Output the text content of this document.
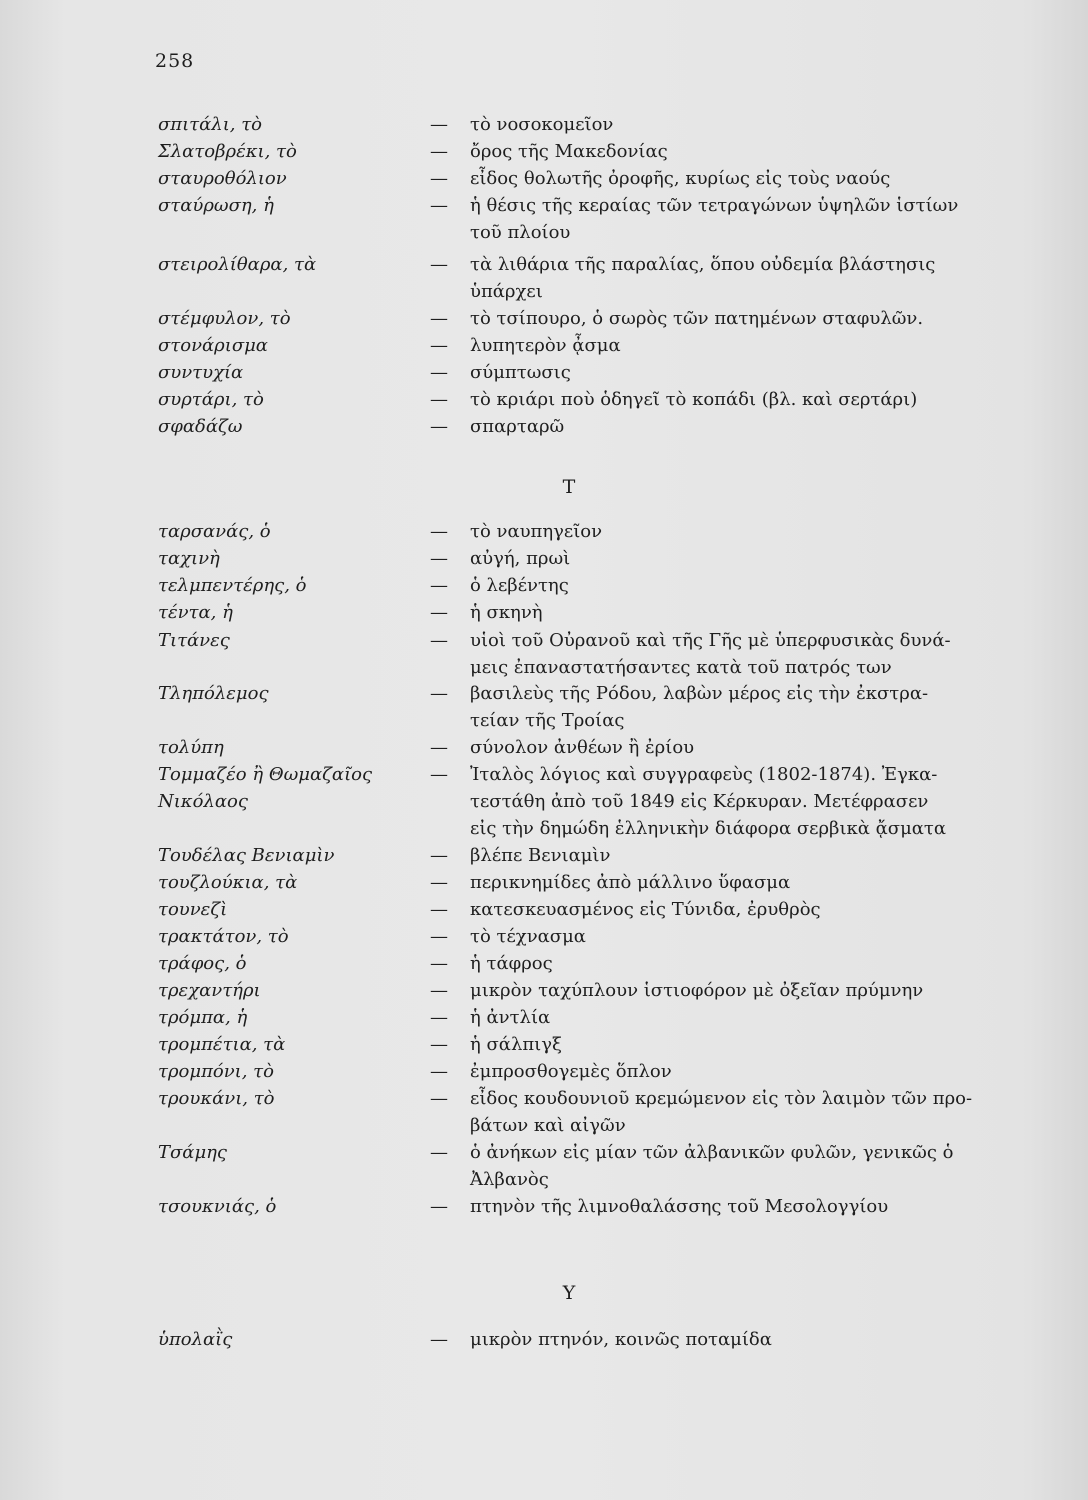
258
σπιτάλι, τὸ	— τὸ νοσοκομεῖον
Σλατοβρέκι, τὸ	— ὄρος τῆς Μακεδονίας
σταυροθόλιον	— εἶδος θολωτῆς ὀροφῆς, κυρίως εἰς τοὺς ναούς
σταύρωση, ἡ	— ἡ θέσις τῆς κεραίας τῶν τετραγώνων ὑψηλῶν ἱστίων
τοῦ πλοίου
στειρολίθαρα, τὰ	— τὰ λιθάρια τῆς παραλίας, ὅπου οὐδεμία βλάστησις
ὑπάρχει
στέμφυλον, τὸ	— τὸ τσίπουρο, ὁ σωρὸς τῶν πατημένων σταφυλῶν.
στονάρισμα	— λυπητερὸν ᾆσμα
συντυχία	— σύμπτωσις
συρτάρι, τὸ	— τὸ κριάρι ποὺ ὁδηγεῖ τὸ κοπάδι (βλ. καὶ σερτάρι)
σφαδάζω	— σπαρταρῶ
ταρσανάς, ὁ	— τὸ ναυπηγεῖον
ταχινὴ	— αὐγή, πρωὶ
τελμπεντέρης, ὁ	— ὁ λεβέντης
τέντα, ἡ	— ἡ σκηνὴ
Τιτάνες	— υἱοὶ τοῦ Οὐρανοῦ καὶ τῆς Γῆς μὲ ὑπερφυσικὰς δυνά-
μεις ἐπαναστατήσαντες κατὰ τοῦ πατρός των
Τληπόλεμος	— βασιλεὺς τῆς Ρόδου, λαβὼν μέρος εἰς τὴν ἐκστρα-
τείαν τῆς Τροίας
τολύπη	— σύνολον ἀνθέων ἢ ἐρίου
Τομμαζέο ἢ Θωμαζαῖος
Νικόλαος
— Ἰταλὸς λόγιος καὶ συγγραφεὺς (1802-1874). Ἐγκα-
τεστάθη ἀπὸ τοῦ 1849 εἰς Κέρκυραν. Μετέφρασεν
εἰς τὴν δημώδη ἑλληνικὴν διάφορα σερβικὰ ᾄσματα
Τουδέλας Βενιαμὶν	— βλέπε Βενιαμὶν
τουζλούκια, τὰ	— περικνημίδες ἀπὸ μάλλινο ὕφασμα
τουνεζὶ	— κατεσκευασμένος εἰς Τύνιδα, ἐρυθρὸς
τρακτάτον, τὸ	— τὸ τέχνασμα
τράφος, ὁ	— ἡ τάφρος
τρεχαντήρι	— μικρὸν ταχύπλουν ἱστιοφόρον μὲ ὀξεῖαν πρύμνην
τρόμπα, ἡ	— ἡ ἀντλία
τρομπέτια, τὰ	— ἡ σάλπιγξ
τρομπόνι, τὸ	— ἐμπροσθογεμὲς ὅπλον
τρουκάνι, τὸ	— εἶδος κουδουνιοῦ κρεμώμενον εἰς τὸν λαιμὸν τῶν προ-
βάτων καὶ αἰγῶν
Τσάμης	— ὁ ἀνήκων εἰς μίαν τῶν ἀλβανικῶν φυλῶν, γενικῶς ὁ
Ἀλβανὸς
τσουκνιάς, ὁ	— πτηνὸν τῆς λιμνοθαλάσσης τοῦ Μεσολογγίου
ὑπολαῒς	— μικρὸν πτηνόν, κοινῶς ποταμίδα
Τ
Υ
